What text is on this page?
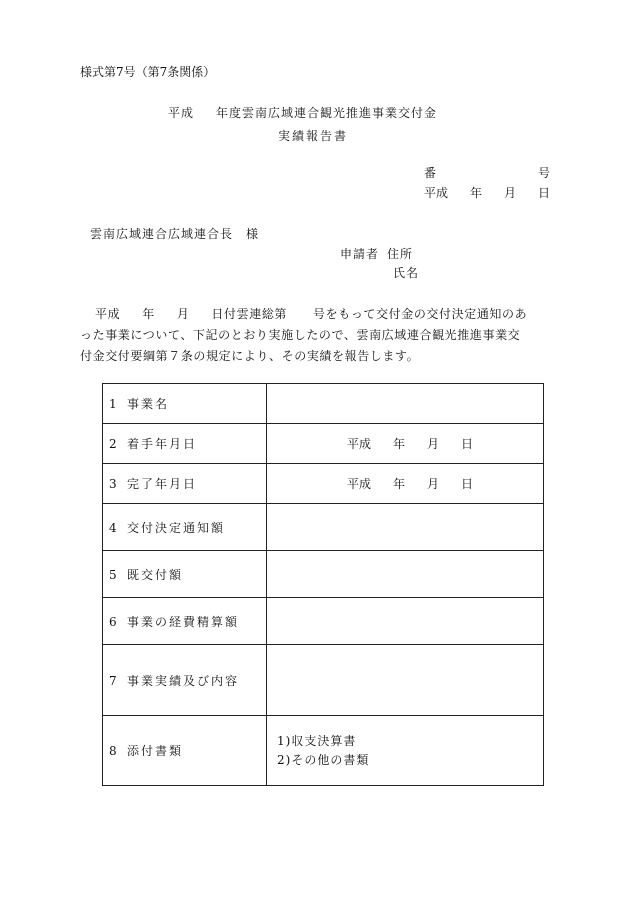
様式第7号（第7条関係）
平成 年度雲南広域連合観光推進事業交付金
実績報告書
番	号
平成 年 月 日
雲南広域連合広域連合長　様
申請者 住所
氏名
平成 年 月 日付雲連総第 号をもって交付金の交付決定通知のあ
った事業について、下記のとおり実施したので、雲南広域連合観光推進事業交
付金交付要綱第７条の規定により、その実績を報告します。
1 事業名	
2 着手年月日	平成 年 月 日

3 完了年月日	平成 年 月 日

4 交付決定通知額	
5 既交付額	
6 事業の経費精算額	
7 事業実績及び内容	
8 添付書類	1)収支決算書
2)その他の書類
